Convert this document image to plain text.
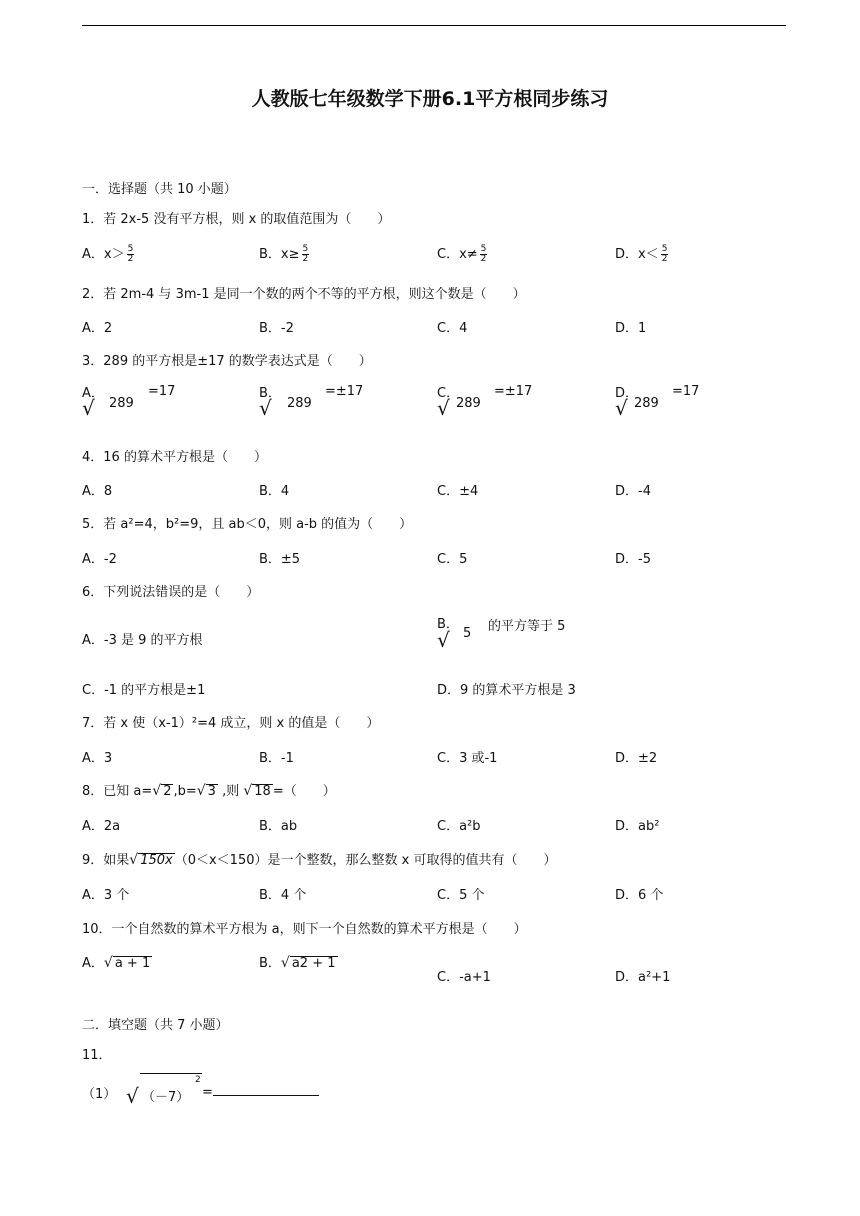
人教版七年级数学下册6.1平方根同步练习
一．选择题（共 10 小题）
1．若 2x-5 没有平方根，则 x 的取值范围为（　　）
A．$x> \frac{5}{2}$	B．$x\ge \frac{5}{2}$	C．$x\ne \frac{5}{2}$	D．$x< \frac{5}{2}$
2．若 2m-4 与 3m-1 是同一个数的两个不等的平方根，则这个数是（　　）
A．2	B．-2	C．4	D．1
3．289 的平方根是±17 的数学表达式是（　　）
A．
√ 289
=17	B．
√ 289
=±17	C．
√ 289
=±17	D．
√ 289
=17
4．16 的算术平方根是（　　）
A．8	B．4	C．±4	D．-4
5．若 a²=4，b²=9，且 ab＜0，则 a-b 的值为（　　）
A．-2	B．±5	C．5	D．-5
6．下列说法错误的是（　　）
A．-3 是 9 的平方根
B．
√ 5 的平方等于 5
C．-1 的平方根是±1	D．9 的算术平方根是 3
7．若 x 使（x-1）²=4 成立，则 x 的值是（　　）
A．3	B．-1	C．3 或-1	D．±2
8．已知 a=√ 2 ,b=√ 3 ,则 √ 18 =（　　）
A．2a	B．ab	C．a²b	D．ab²
9．如果√ 150x （0＜x＜150）是一个整数，那么整数 x 可取得的值共有（　　）
A．3 个	B．4 个	C．5 个	D．6 个
10．一个自然数的算术平方根为 a，则下一个自然数的算术平方根是（　　）
A．√ a + 1	B．√ a2 + 1
C．-a+1	D．a²+1
二．填空题（共 7 小题）
11．
（1） √ （－7）
2
=
